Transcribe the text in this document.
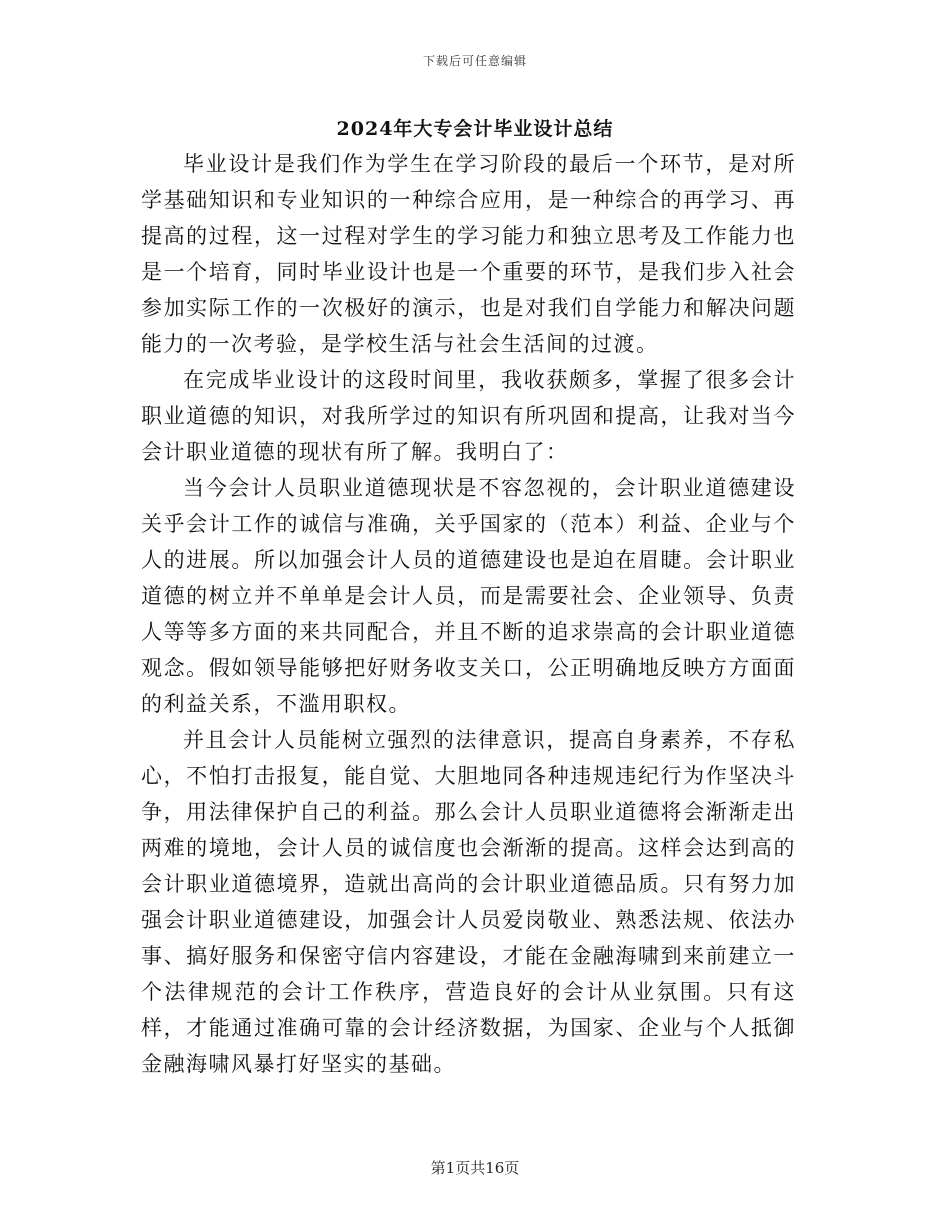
下载后可任意编辑
2024年大专会计毕业设计总结

毕业设计是我们作为学生在学习阶段的最后一个环节，是对所学基础知识和专业知识的一种综合应用，是一种综合的再学习、再提高的过程，这一过程对学生的学习能力和独立思考及工作能力也是一个培育，同时毕业设计也是一个重要的环节，是我们步入社会参加实际工作的一次极好的演示，也是对我们自学能力和解决问题能力的一次考验，是学校生活与社会生活间的过渡。

在完成毕业设计的这段时间里，我收获颇多，掌握了很多会计职业道德的知识，对我所学过的知识有所巩固和提高，让我对当今会计职业道德的现状有所了解。我明白了：

当今会计人员职业道德现状是不容忽视的，会计职业道德建设关乎会计工作的诚信与准确，关乎国家的（范本）利益、企业与个人的进展。所以加强会计人员的道德建设也是迫在眉睫。会计职业道德的树立并不单单是会计人员，而是需要社会、企业领导、负责人等等多方面的来共同配合，并且不断的追求崇高的会计职业道德观念。假如领导能够把好财务收支关口，公正明确地反映方方面面的利益关系，不滥用职权。

并且会计人员能树立强烈的法律意识，提高自身素养，不存私心，不怕打击报复，能自觉、大胆地同各种违规违纪行为作坚决斗争，用法律保护自己的利益。那么会计人员职业道德将会渐渐走出两难的境地，会计人员的诚信度也会渐渐的提高。这样会达到高的会计职业道德境界，造就出高尚的会计职业道德品质。只有努力加强会计职业道德建设，加强会计人员爱岗敬业、熟悉法规、依法办事、搞好服务和保密守信内容建设，才能在金融海啸到来前建立一个法律规范的会计工作秩序，营造良好的会计从业氛围。只有这样，才能通过准确可靠的会计经济数据，为国家、企业与个人抵御金融海啸风暴打好坚实的基础。

第1页共16页
